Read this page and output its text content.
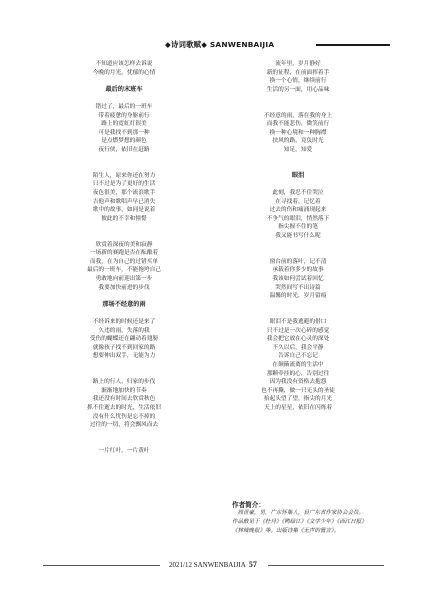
◆诗词歌赋◆ SANWENBAIJIA
不知道应该怎样去诉说
今晚的月光，忧郁的心情
最后的末班车
错过了，最后的一班车
带着疲惫的身躯前行
路上的霓虹灯很美
可是我找不到那一种
是点燃梦想的颜色
夜行侠，依旧在赶路
陌生人，原来你还在努力
只不过是为了更好的生活
夜色很美，那个流浪歌手
吉他声和歌唱声早已消失
歌中的故事，如同是说着
彼此的不幸和憧憬
欣赏着深夜的美和寂静
一场新的赛跑是否在酝酿着
而我，在为自己的过错买单
最后的一班车，不能拖垮自己
勇敢地向前迎出第一步
我要加快前进的步伐
那场不经意的雨
不经诉来的时候还是来了
久违的雨，失落的我
受伤的蝴蝶还在翩动着翅膀
就像孩子找不到回家的路
想要伸出双手，无能为力
路上的行人，归家的步伐
渐渐地加快的节奏
我还没有时间去欣赏秋色
抓不住逝去的时光，生活依旧
没有什么忧伤是忘不掉的
过往的一切，将会飘风而去
一片红叶，一片黄叶
流年里，岁月静好
新的征程，在前面挥着手
换一个心情，继续前行
生活的另一面，用心品味
不经意的雨，落在我的身上
而我不能悲伤，微笑前行
换一种心境和一种胸襟
扶风的路，竟负时光
知足，知爱
眼泪
此刻，我忍不住哭泣
在寻找着，记忆着
过去的伤和痛涌现起来
不争气的眼泪，悄然落下
指尖握不住的笔
我又能书写什么呢
窗台前的落叶，记不清
承载着你多少的故事
我该如何尝试着回忆
哭然间写不出诗篇
温馨的时光，岁月留痕
眼泪不是我逃避的借口
只不过是一次心碎的感觉
我会把它放在心灵的深处
不久以后，我会平静
告诉自己不忘记
在颠簸流离的生活中
那颗牵挂的心，告别过往
因为我没有资格去抱怨
也不再撕，做一只无头的圣徒
抬起头望了望，指尖的月光
天上的星星，依旧在闪烁着
作者简介：
　周世豪，男，广东怀集人，县广东省作家协会会员。
作品散见于《杜丹》《鸭绿江》《文学少年》《西江日报》
《林城晚报》等。出版诗集《无声的管言》。
2021/12 SANWENBAIJIA 57
